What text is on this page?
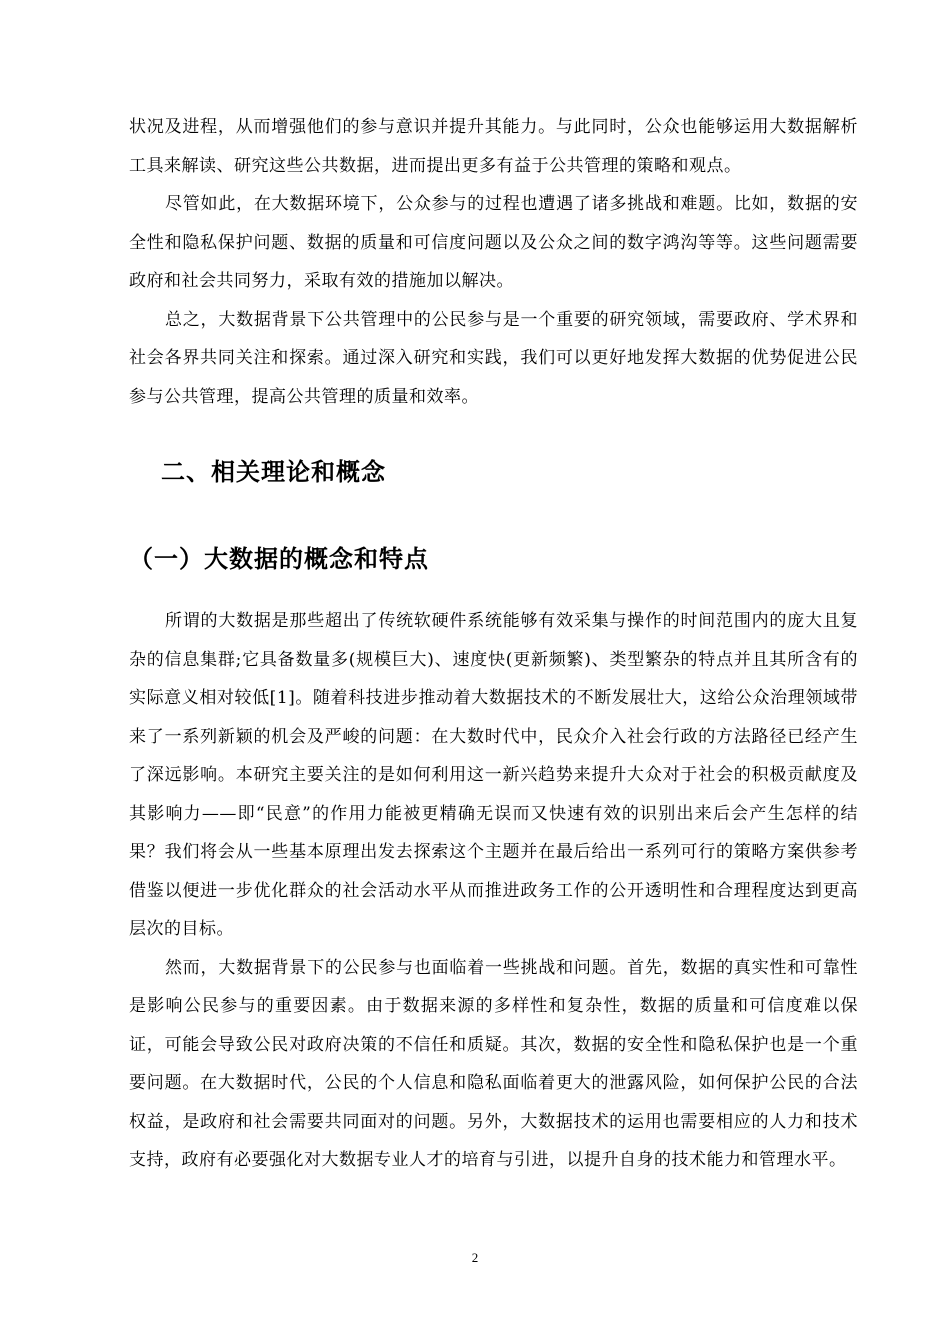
状况及进程，从而增强他们的参与意识并提升其能力。与此同时，公众也能够运用大数据解析工具来解读、研究这些公共数据，进而提出更多有益于公共管理的策略和观点。

尽管如此，在大数据环境下，公众参与的过程也遭遇了诸多挑战和难题。比如，数据的安全性和隐私保护问题、数据的质量和可信度问题以及公众之间的数字鸿沟等等。这些问题需要政府和社会共同努力，采取有效的措施加以解决。

总之，大数据背景下公共管理中的公民参与是一个重要的研究领域，需要政府、学术界和社会各界共同关注和探索。通过深入研究和实践，我们可以更好地发挥大数据的优势促进公民参与公共管理，提高公共管理的质量和效率。

二、相关理论和概念
（一）大数据的概念和特点

所谓的大数据是那些超出了传统软硬件系统能够有效采集与操作的时间范围内的庞大且复杂的信息集群;它具备数量多(规模巨大)、速度快(更新频繁)、类型繁杂的特点并且其所含有的实际意义相对较低[1]。随着科技进步推动着大数据技术的不断发展壮大，这给公众治理领域带来了一系列新颖的机会及严峻的问题：在大数时代中，民众介入社会行政的方法路径已经产生了深远影响。本研究主要关注的是如何利用这一新兴趋势来提升大众对于社会的积极贡献度及其影响力——即“民意”的作用力能被更精确无误而又快速有效的识别出来后会产生怎样的结果？我们将会从一些基本原理出发去探索这个主题并在最后给出一系列可行的策略方案供参考借鉴以便进一步优化群众的社会活动水平从而推进政务工作的公开透明性和合理程度达到更高层次的目标。

然而，大数据背景下的公民参与也面临着一些挑战和问题。首先，数据的真实性和可靠性是影响公民参与的重要因素。由于数据来源的多样性和复杂性，数据的质量和可信度难以保证，可能会导致公民对政府决策的不信任和质疑。其次，数据的安全性和隐私保护也是一个重要问题。在大数据时代，公民的个人信息和隐私面临着更大的泄露风险，如何保护公民的合法权益，是政府和社会需要共同面对的问题。另外，大数据技术的运用也需要相应的人力和技术支持，政府有必要强化对大数据专业人才的培育与引进，以提升自身的技术能力和管理水平。

2
